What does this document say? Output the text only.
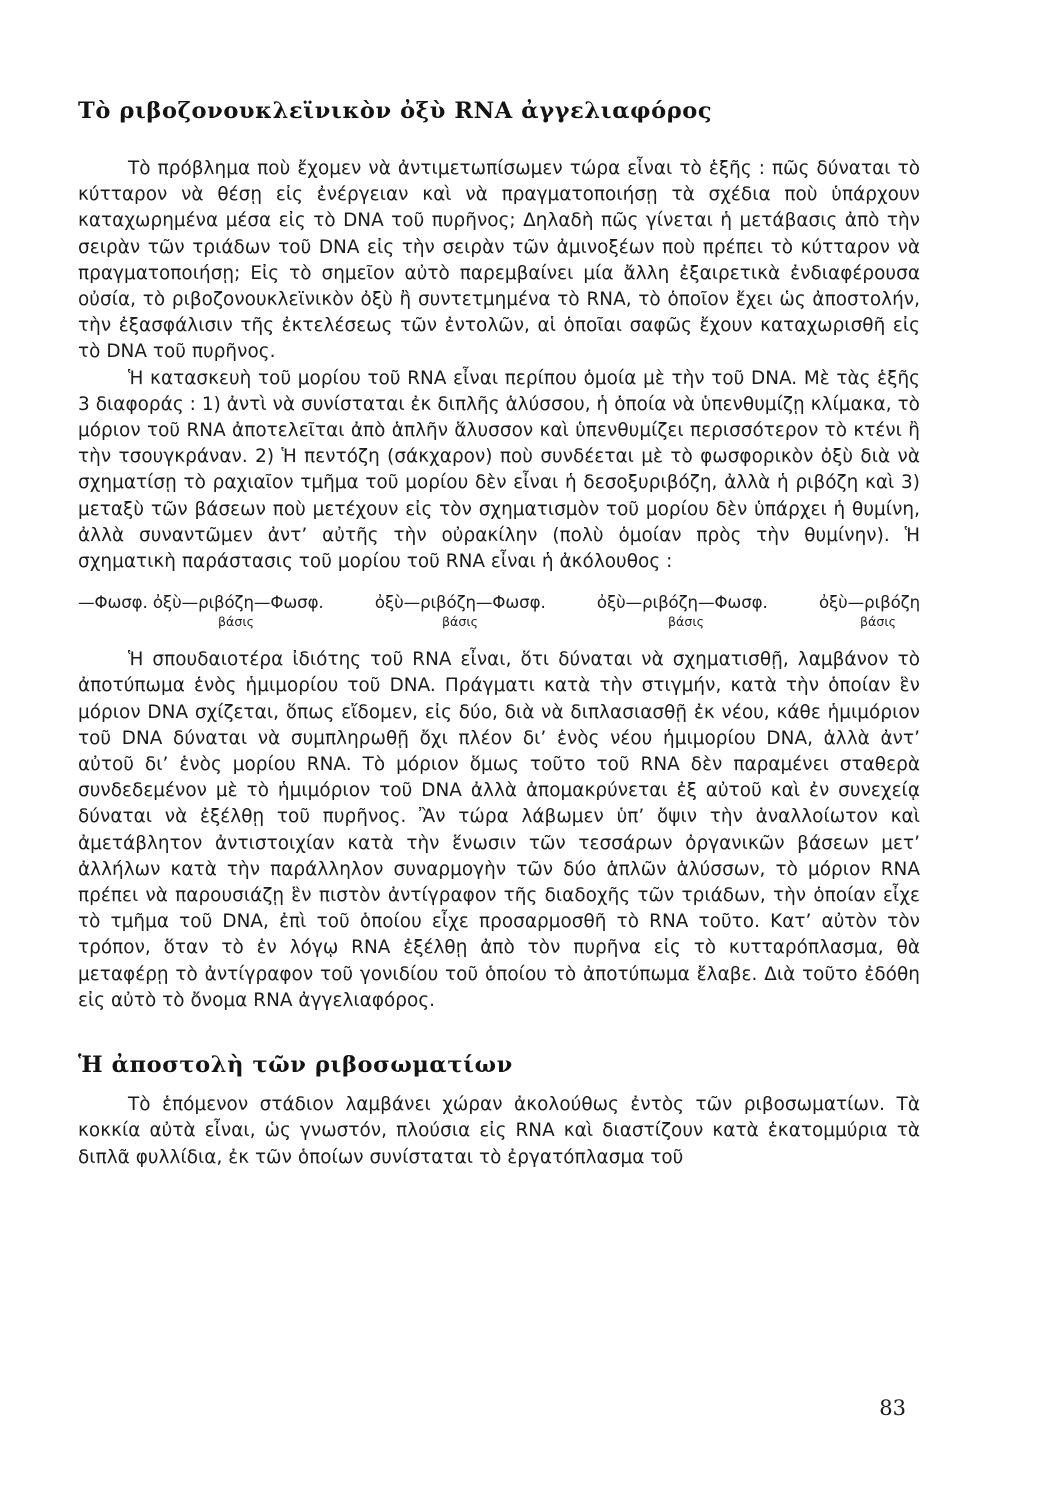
Τὸ ριβοζονουκλεϊνικὸν ὀξὺ RNA ἀγγελιαφόρος

Τὸ πρόβλημα ποὺ ἔχομεν νὰ ἀντιμετωπίσωμεν τώρα εἶναι τὸ ἑξῆς : πῶς δύναται τὸ κύτταρον νὰ θέσῃ εἰς ἐνέργειαν καὶ νὰ πραγματοποιήσῃ τὰ σχέδια ποὺ ὑπάρχουν καταχωρημένα μέσα εἰς τὸ DNA τοῦ πυρῆνος; Δηλαδὴ πῶς γίνεται ἡ μετάβασις ἀπὸ τὴν σειρὰν τῶν τριάδων τοῦ DNA εἰς τὴν σειρὰν τῶν ἀμινοξέων ποὺ πρέπει τὸ κύτταρον νὰ πραγματοποιήσῃ; Εἰς τὸ σημεῖον αὐτὸ παρεμβαίνει μία ἄλλη ἐξαιρετικὰ ἐνδιαφέρουσα οὐσία, τὸ ριβοζονουκλεϊνικὸν ὀξὺ ἢ συντετμημένα τὸ RNA, τὸ ὁποῖον ἔχει ὡς ἀποστολήν, τὴν ἐξασφάλισιν τῆς ἐκτελέσεως τῶν ἐντολῶν, αἱ ὁποῖαι σαφῶς ἔχουν καταχωρισθῆ εἰς τὸ DNA τοῦ πυρῆνος.

Ἡ κατασκευὴ τοῦ μορίου τοῦ RNA εἶναι περίπου ὁμοία μὲ τὴν τοῦ DNA. Μὲ τὰς ἑξῆς 3 διαφοράς : 1) ἀντὶ νὰ συνίσταται ἐκ διπλῆς ἁλύσσου, ἡ ὁποία νὰ ὑπενθυμίζῃ κλίμακα, τὸ μόριον τοῦ RNA ἀποτελεῖται ἀπὸ ἁπλῆν ἅλυσσον καὶ ὑπενθυμίζει περισσότερον τὸ κτένι ἢ τὴν τσουγκράναν. 2) Ἡ πεντόζη (σάκχαρον) ποὺ συνδέεται μὲ τὸ φωσφορικὸν ὀξὺ διὰ νὰ σχηματίσῃ τὸ ραχιαῖον τμῆμα τοῦ μορίου δὲν εἶναι ἡ δεσοξυριβόζη, ἀλλὰ ἡ ριβόζη καὶ 3) μεταξὺ τῶν βάσεων ποὺ μετέχουν εἰς τὸν σχηματισμὸν τοῦ μορίου δὲν ὑπάρχει ἡ θυμίνη, ἀλλὰ συναντῶμεν ἀντ’ αὐτῆς τὴν οὐρακίλην (πολὺ ὁμοίαν πρὸς τὴν θυμίνην). Ἡ σχηματικὴ παράστασις τοῦ μορίου τοῦ RNA εἶναι ἡ ἀκόλουθος :

—Φωσφ. ὀξὺ—ριβόζη—Φωσφ.	ὀξὺ—ριβόζη—Φωσφ.	ὀξὺ—ριβόζη—Φωσφ.	ὀξὺ—ριβόζη
βάσις	βάσις	βάσις	βάσις

Ἡ σπουδαιοτέρα ἰδιότης τοῦ RNA εἶναι, ὅτι δύναται νὰ σχηματισθῇ, λαμβάνον τὸ ἀποτύπωμα ἑνὸς ἡμιμορίου τοῦ DNA. Πράγματι κατὰ τὴν στιγμήν, κατὰ τὴν ὁποίαν ἓν μόριον DNA σχίζεται, ὅπως εἴδομεν, εἰς δύο, διὰ νὰ διπλασιασθῇ ἐκ νέου, κάθε ἡμιμόριον τοῦ DNA δύναται νὰ συμπληρωθῇ ὄχι πλέον δι’ ἑνὸς νέου ἡμιμορίου DNA, ἀλλὰ ἀντ’ αὐτοῦ δι’ ἑνὸς μορίου RNA. Τὸ μόριον ὅμως τοῦτο τοῦ RNA δὲν παραμένει σταθερὰ συνδεδεμένον μὲ τὸ ἡμιμόριον τοῦ DNA ἀλλὰ ἀπομακρύνεται ἐξ αὐτοῦ καὶ ἐν συνεχείᾳ δύναται νὰ ἐξέλθῃ τοῦ πυρῆνος. Ἂν τώρα λάβωμεν ὑπ’ ὄψιν τὴν ἀναλλοίωτον καὶ ἀμετάβλητον ἀντιστοιχίαν κατὰ τὴν ἕνωσιν τῶν τεσσάρων ὀργανικῶν βάσεων μετ’ ἀλλήλων κατὰ τὴν παράλληλον συναρμογὴν τῶν δύο ἁπλῶν ἁλύσσων, τὸ μόριον RNA πρέπει νὰ παρουσιάζῃ ἓν πιστὸν ἀντίγραφον τῆς διαδοχῆς τῶν τριάδων, τὴν ὁποίαν εἶχε τὸ τμῆμα τοῦ DNA, ἐπὶ τοῦ ὁποίου εἶχε προσαρμοσθῆ τὸ RNA τοῦτο. Κατ’ αὐτὸν τὸν τρόπον, ὅταν τὸ ἐν λόγῳ RNA ἐξέλθῃ ἀπὸ τὸν πυρῆνα εἰς τὸ κυτταρόπλασμα, θὰ μεταφέρῃ τὸ ἀντίγραφον τοῦ γονιδίου τοῦ ὁποίου τὸ ἀποτύπωμα ἔλαβε. Διὰ τοῦτο ἐδόθη εἰς αὐτὸ τὸ ὄνομα RNA ἀγγελιαφόρος.

Ἡ ἀποστολὴ τῶν ριβοσωματίων

Τὸ ἑπόμενον στάδιον λαμβάνει χώραν ἀκολούθως ἐντὸς τῶν ριβοσωματίων. Τὰ κοκκία αὐτὰ εἶναι, ὡς γνωστόν, πλούσια εἰς RNA καὶ διαστίζουν κατὰ ἑκατομμύρια τὰ διπλᾶ φυλλίδια, ἐκ τῶν ὁποίων συνίσταται τὸ ἐργατόπλασμα τοῦ

83
